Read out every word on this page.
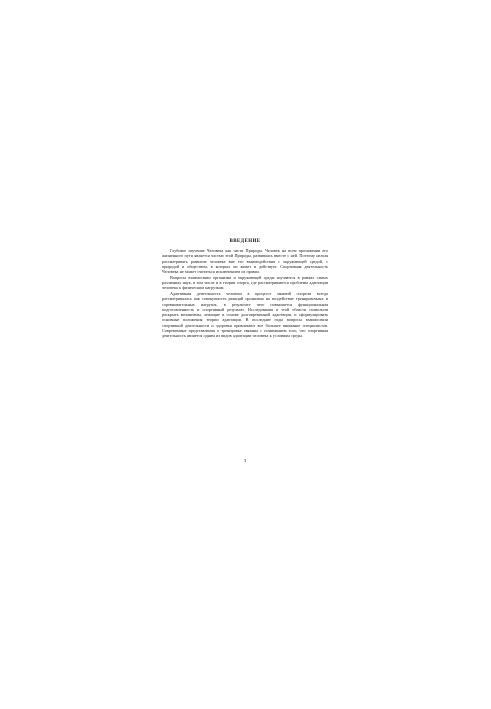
ВВЕДЕНИЕ

Глубокое изучение Человека как части Природы. Человек на всем протяжении его жизненного пути является частью этой Природы, развиваясь вместе с ней. Поэтому нельзя рассматривать развитие человека вне его взаимодействия с окружающей средой, с природой и обществом, в которых он живет и действует. Спортивная деятельность Человека не может считаться исключением из правил.

Вопросы взаимосвязи организма и окружающей среды изучаются в рамках самых различных наук, в том числе и в теории спорта, где рассматриваются проблемы адаптации человека к физическим нагрузкам.

Адаптивная деятельность человека в процессе занятий спортом всегда рассматривалась как совокупность реакций организма на воздействие тренировочных и соревновательных нагрузок, в результате чего повышается функциональная подготовленность и спортивный результат. Исследования в этой области позволили раскрыть механизмы, лежащие в основе долговременной адаптации, и сформулировать основные положения теории адаптации. В последние годы вопросы взаимосвязи спортивной деятельности и здоровья привлекают все большее внимание специалистов. Современные представления о тренировке связаны с пониманием того, что спортивная деятельность является одним из видов адаптации человека к условиям среды.

3
